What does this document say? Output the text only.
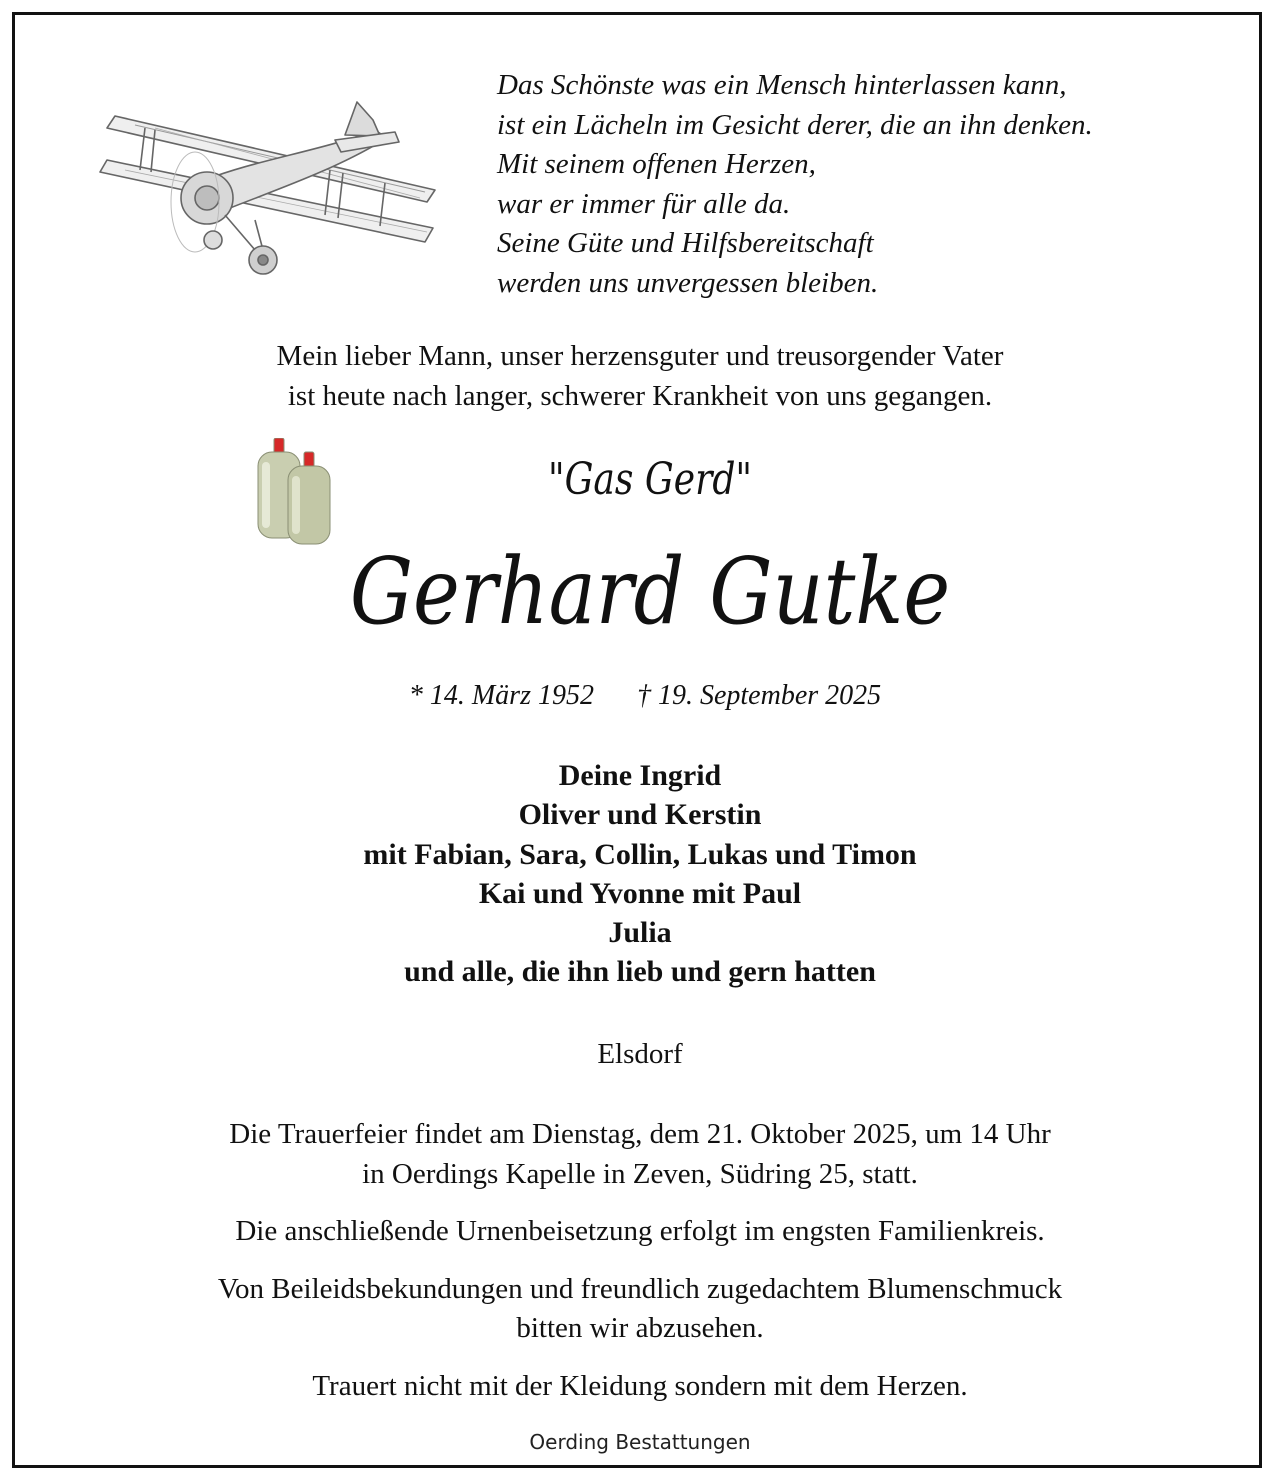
Das Schönste was ein Mensch hinterlassen kann,
ist ein Lächeln im Gesicht derer, die an ihn denken.
Mit seinem offenen Herzen,
war er immer für alle da.
Seine Güte und Hilfsbereitschaft
werden uns unvergessen bleiben.
Mein lieber Mann, unser herzensguter und treusorgender Vater
ist heute nach langer, schwerer Krankheit von uns gegangen.
"Gas Gerd"
Gerhard Gutke
* 14. März 1952 † 19. September 2025
Deine Ingrid
Oliver und Kerstin
mit Fabian, Sara, Collin, Lukas und Timon
Kai und Yvonne mit Paul
Julia
und alle, die ihn lieb und gern hatten
Elsdorf

Die Trauerfeier findet am Dienstag, dem 21. Oktober 2025, um 14 Uhr
in Oerdings Kapelle in Zeven, Südring 25, statt.

Die anschließende Urnenbeisetzung erfolgt im engsten Familienkreis.

Von Beileidsbekundungen und freundlich zugedachtem Blumenschmuck
bitten wir abzusehen.

Trauert nicht mit der Kleidung sondern mit dem Herzen.

Oerding Bestattungen
